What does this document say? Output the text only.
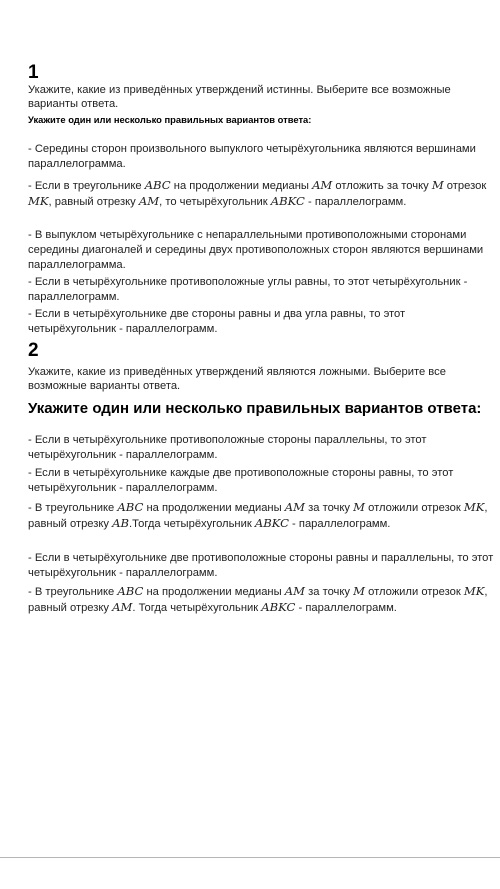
1
Укажите, какие из приведённых утверждений истинны. Выберите все возможные варианты ответа.
Укажите один или несколько правильных вариантов ответа:
- Середины сторон произвольного выпуклого четырёхугольника являются вершинами параллелограмма.
- Если в треугольнике ABC на продолжении медианы AM отложить за точку M отрезок MK, равный отрезку AM, то четырёхугольник ABKC - параллелограмм.
- В выпуклом четырёхугольнике с непараллельными противоположными сторонами середины диагоналей и середины двух противоположных сторон являются вершинами параллелограмма.
- Если в четырёхугольнике противоположные углы равны, то этот четырёхугольник - параллелограмм.
- Если в четырёхугольнике две стороны равны и два угла равны, то этот четырёхугольник - параллелограмм.
2
Укажите, какие из приведённых утверждений являются ложными. Выберите все возможные варианты ответа.
Укажите один или несколько правильных вариантов ответа:
- Если в четырёхугольнике противоположные стороны параллельны, то этот четырёхугольник - параллелограмм.
- Если в четырёхугольнике каждые две противоположные стороны равны, то этот четырёхугольник - параллелограмм.
- В треугольнике ABC на продолжении медианы AM за точку M отложили отрезок MK, равный отрезку AB.Тогда четырёхугольник ABKC - параллелограмм.
- Если в четырёхугольнике две противоположные стороны равны и параллельны, то этот четырёхугольник - параллелограмм.
- В треугольнике ABC на продолжении медианы AM за точку M отложили отрезок MK, равный отрезку AM. Тогда четырёхугольник ABKC - параллелограмм.
